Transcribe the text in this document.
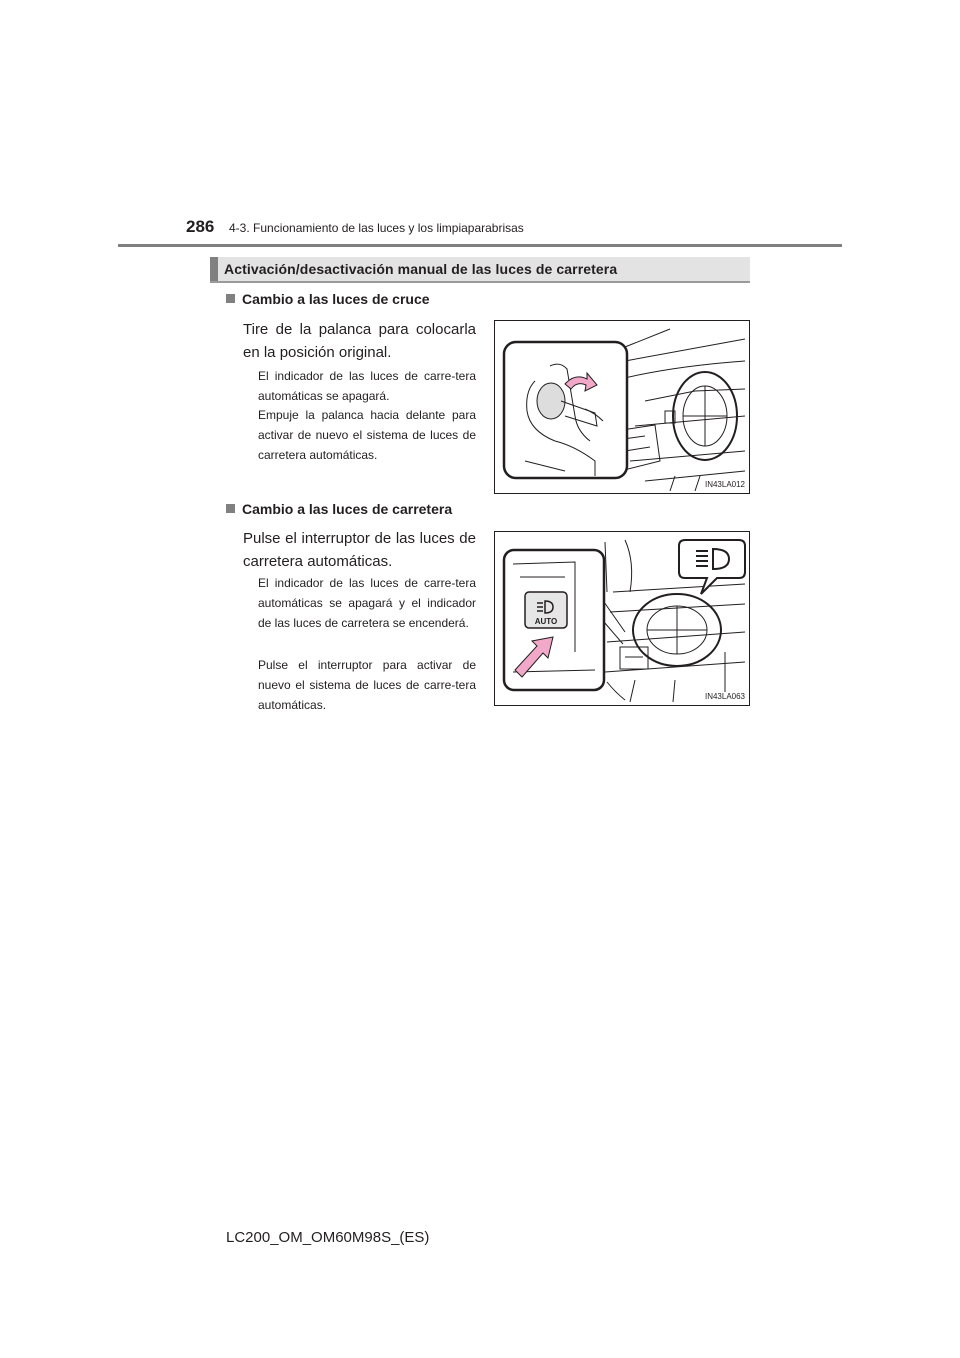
286 4-3. Funcionamiento de las luces y los limpiaparabrisas
Activación/desactivación manual de las luces de carretera
Cambio a las luces de cruce
Tire de la palanca para colocarla en la posición original.
El indicador de las luces de carre-tera automáticas se apagará.
Empuje la palanca hacia delante para activar de nuevo el sistema de luces de carretera automáticas.
IN43LA012
Cambio a las luces de carretera
Pulse el interruptor de las luces de carretera automáticas.
El indicador de las luces de carre-tera automáticas se apagará y el indicador de las luces de carretera se encenderá.
Pulse el interruptor para activar de nuevo el sistema de luces de carre-tera automáticas.
AUTO
IN43LA063
LC200_OM_OM60M98S_(ES)
